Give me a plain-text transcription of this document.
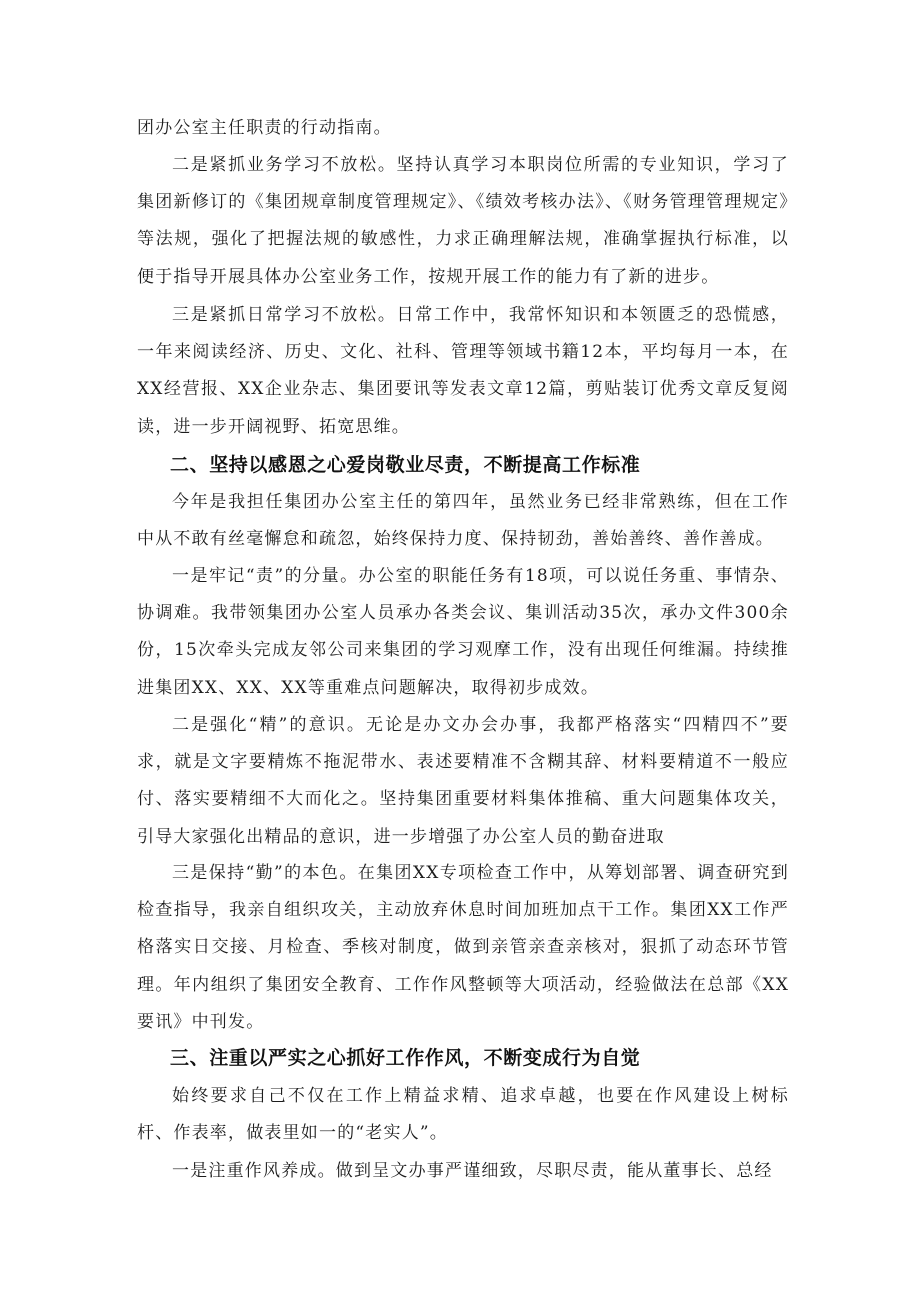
团办公室主任职责的行动指南。

二是紧抓业务学习不放松。坚持认真学习本职岗位所需的专业知识，学习了集团新修订的《集团规章制度管理规定》、《绩效考核办法》、《财务管理管理规定》等法规，强化了把握法规的敏感性，力求正确理解法规，准确掌握执行标准，以便于指导开展具体办公室业务工作，按规开展工作的能力有了新的进步。

三是紧抓日常学习不放松。日常工作中，我常怀知识和本领匮乏的恐慌感，一年来阅读经济、历史、文化、社科、管理等领域书籍12本，平均每月一本，在XX经营报、XX企业杂志、集团要讯等发表文章12篇，剪贴装订优秀文章反复阅读，进一步开阔视野、拓宽思维。

二、坚持以感恩之心爱岗敬业尽责，不断提高工作标准

今年是我担任集团办公室主任的第四年，虽然业务已经非常熟练，但在工作中从不敢有丝毫懈怠和疏忽，始终保持力度、保持韧劲，善始善终、善作善成。

一是牢记“责”的分量。办公室的职能任务有18项，可以说任务重、事情杂、协调难。我带领集团办公室人员承办各类会议、集训活动35次，承办文件300余份，15次牵头完成友邻公司来集团的学习观摩工作，没有出现任何维漏。持续推进集团XX、XX、XX等重难点问题解决，取得初步成效。

二是强化“精”的意识。无论是办文办会办事，我都严格落实“四精四不”要求，就是文字要精炼不拖泥带水、表述要精准不含糊其辞、材料要精道不一般应付、落实要精细不大而化之。坚持集团重要材料集体推稿、重大问题集体攻关，引导大家强化出精品的意识，进一步增强了办公室人员的勤奋进取

三是保持“勤”的本色。在集团XX专项检查工作中，从筹划部署、调查研究到检查指导，我亲自组织攻关，主动放弃休息时间加班加点干工作。集团XX工作严格落实日交接、月检查、季核对制度，做到亲管亲查亲核对，狠抓了动态环节管理。年内组织了集团安全教育、工作作风整顿等大项活动，经验做法在总部《XX要讯》中刊发。

三、注重以严实之心抓好工作作风，不断变成行为自觉

始终要求自己不仅在工作上精益求精、追求卓越，也要在作风建设上树标杆、作表率，做表里如一的“老实人”。

一是注重作风养成。做到呈文办事严谨细致，尽职尽责，能从董事长、总经
